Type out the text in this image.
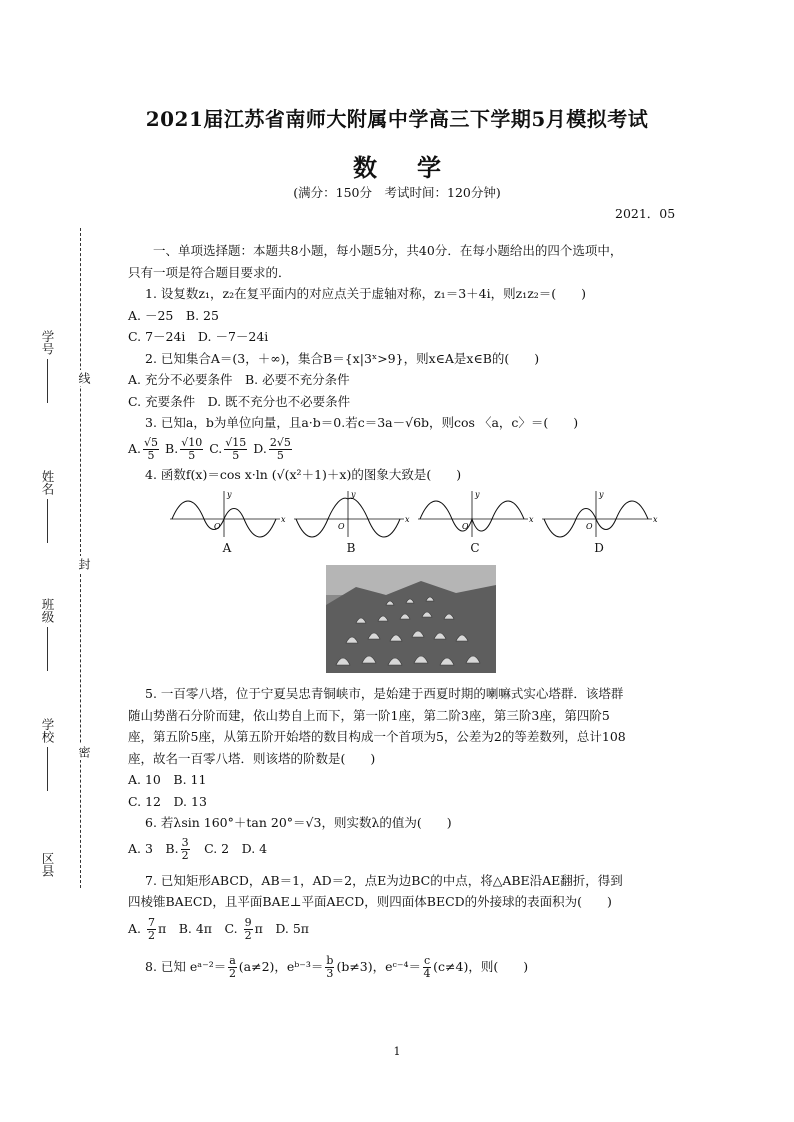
2021届江苏省南师大附属中学高三下学期5月模拟考试
数学
(满分：150分　考试时间：120分钟)
2021．05
线
封
密
学号
姓名
班级
学校
区县

一、单项选择题：本题共8小题，每小题5分，共40分．在每小题给出的四个选项中，

只有一项是符合题目要求的．

1. 设复数z₁，z₂在复平面内的对应点关于虚轴对称，z₁＝3＋4i，则z₁z₂＝(　　)

A. －25　B. 25

C. 7－24i　D. －7－24i

2. 已知集合A＝(3，＋∞)，集合B＝{x|3ˣ>9}，则x∈A是x∈B的(　　)

A. 充分不必要条件　B. 必要不充分条件

C. 充要条件　D. 既不充分也不必要条件

3. 已知a，b为单位向量，且a·b＝0.若c＝3a－√6b，则cos 〈a，c〉＝(　　)

A. $\frac{√5}{5} B$. $\frac{√10}{5} C$. $\frac{√15}{5} D$. $\frac{2√5}{5}$

4. 函数f(x)＝cos x·ln (√(x²＋1)＋x)的图象大致是(　　)

x
y
O
A
x
y
O
B
x
y
O
C
x
y
O
D

5. 一百零八塔，位于宁夏吴忠青铜峡市，是始建于西夏时期的喇嘛式实心塔群．该塔群

随山势凿石分阶而建，依山势自上而下，第一阶1座，第二阶3座，第三阶3座，第四阶5

座，第五阶5座，从第五阶开始塔的数目构成一个首项为5，公差为2的等差数列，总计108

座，故名一百零八塔．则该塔的阶数是(　　)

A. 10　B. 11

C. 12　D. 13

6. 若λsin 160°＋tan 20°＝√3，则实数λ的值为(　　)

A. 3　B. $\frac{3}{2}$ 　C. 2　D. 4

7. 已知矩形ABCD，AB＝1，AD＝2，点E为边BC的中点，将△ABE沿AE翻折，得到

四棱锥BAECD，且平面BAE⊥平面AECD，则四面体BECD的外接球的表面积为(　　)

A. $\frac{7}{2}$ π　B. 4π　C. $\frac{9}{2}$ π　D. 5π

8. 已知 eᵃ⁻²＝ $\frac{a}{2} (a\ne 2)$，eᵇ⁻³＝ $\frac{b}{3} (b\ne 3)$，eᶜ⁻⁴＝ $\frac{c}{4} (c\ne 4)$，则(　　)

1
